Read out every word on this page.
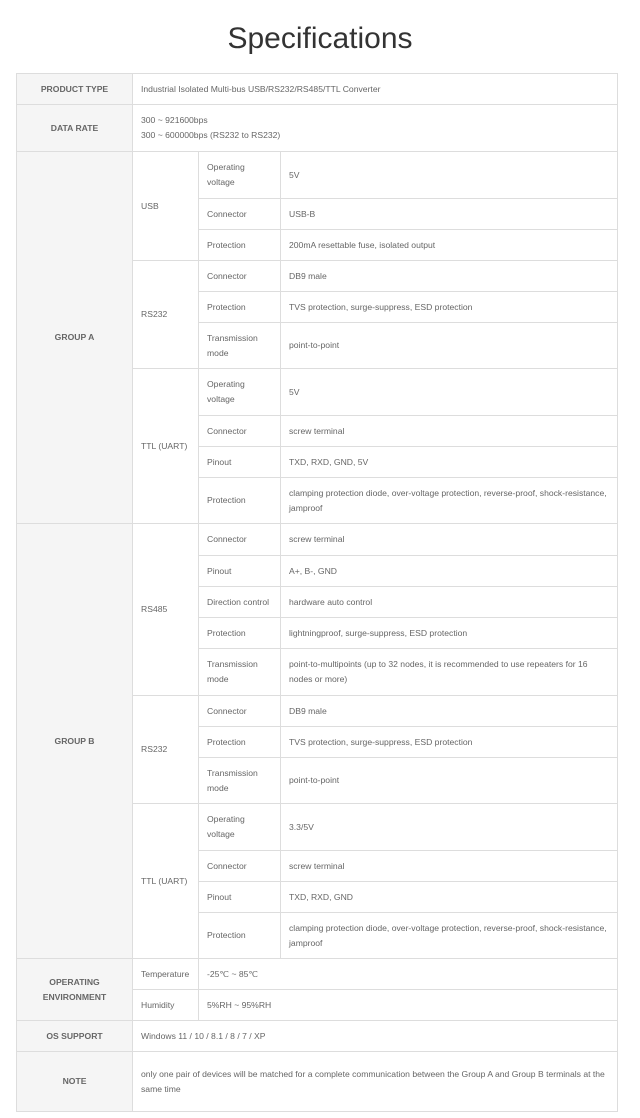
Specifications
PRODUCT TYPE	Industrial Isolated Multi-bus USB/RS232/RS485/TTL Converter		
DATA RATE	300 ~ 921600bps
300 ~ 600000bps (RS232 to RS232)		

GROUP A	USB	Operating voltage	5V
		Connector	USB-B
		Protection	200mA resettable fuse, isolated output
	RS232	Connector	DB9 male
		Protection	TVS protection, surge-suppress, ESD protection
		Transmission mode	point-to-point
	TTL (UART)	Operating voltage	5V
		Connector	screw terminal
		Pinout	TXD, RXD, GND, 5V
		Protection	clamping protection diode, over-voltage protection, reverse-proof, shock-resistance, jamproof
GROUP B	RS485	Connector	screw terminal
		Pinout	A+, B-, GND
		Direction control	hardware auto control
		Protection	lightningproof, surge-suppress, ESD protection
		Transmission mode	point-to-multipoints (up to 32 nodes, it is recommended to use repeaters for 16 nodes or more)
	RS232	Connector	DB9 male
		Protection	TVS protection, surge-suppress, ESD protection
		Transmission mode	point-to-point
	TTL (UART)	Operating voltage	3.3/5V
		Connector	screw terminal
		Pinout	TXD, RXD, GND
		Protection	clamping protection diode, over-voltage protection, reverse-proof, shock-resistance, jamproof
OPERATING ENVIRONMENT	Temperature	-25℃ ~ 85℃	
	Humidity	5%RH ~ 95%RH	
OS SUPPORT	Windows 11 / 10 / 8.1 / 8 / 7 / XP		
NOTE	only one pair of devices will be matched for a complete communication between the Group A and Group B terminals at the same time		
